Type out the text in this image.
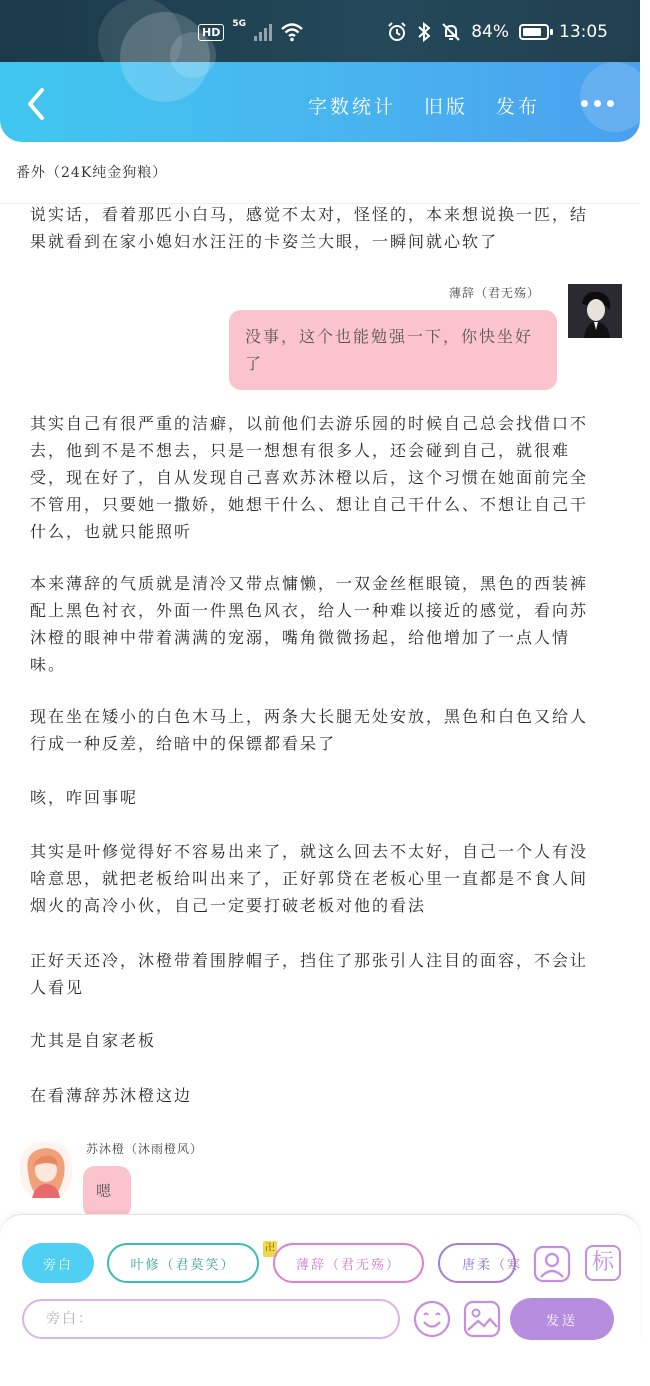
HD
5G	84%	13:05
字数统计 旧版 发布
番外（24K纯金狗粮）

说实话，看着那匹小白马，感觉不太对，怪怪的，本来想说换一匹，结果就看到在家小媳妇水汪汪的卡姿兰大眼，一瞬间就心软了

薄辞（君无殇）
没事，这个也能勉强一下，你快坐好了

其实自己有很严重的洁癖，以前他们去游乐园的时候自己总会找借口不去，他到不是不想去，只是一想想有很多人，还会碰到自己，就很难受，现在好了，自从发现自己喜欢苏沐橙以后，这个习惯在她面前完全不管用，只要她一撒娇，她想干什么、想让自己干什么、不想让自己干什么，也就只能照听

本来薄辞的气质就是清冷又带点慵懒，一双金丝框眼镜，黑色的西装裤配上黑色衬衣，外面一件黑色风衣，给人一种难以接近的感觉，看向苏沐橙的眼神中带着满满的宠溺，嘴角微微扬起，给他增加了一点人情味。

现在坐在矮小的白色木马上，两条大长腿无处安放，黑色和白色又给人行成一种反差，给暗中的保镖都看呆了

咳，咋回事呢

其实是叶修觉得好不容易出来了，就这么回去不太好，自己一个人有没啥意思，就把老板给叫出来了，正好郭贷在老板心里一直都是不食人间烟火的高冷小伙，自己一定要打破老板对他的看法

正好天还冷，沐橙带着围脖帽子，挡住了那张引人注目的面容，不会让人看见

尤其是自家老板

在看薄辞苏沐橙这边

苏沐橙（沐雨橙风）
嗯
旁白	叶修（君莫笑）
卍
薄辞（君无殇）	唐柔（寒	标
旁白：
发送
